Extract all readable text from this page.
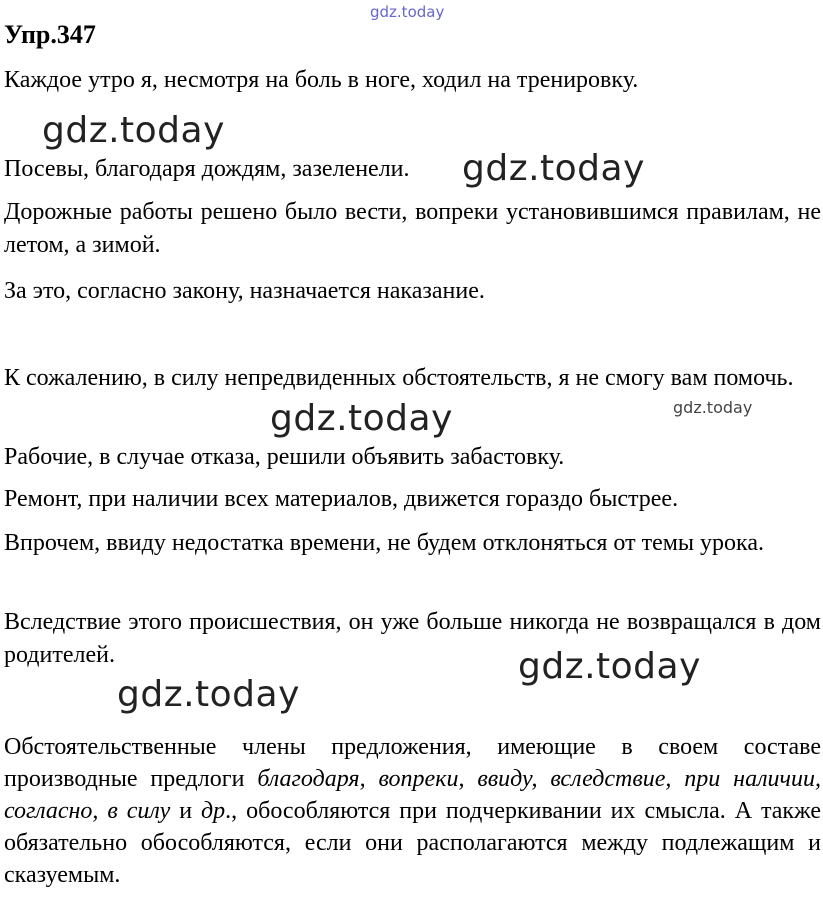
gdz.today
Упр.347

Каждое утро я, несмотря на боль в ноге, ходил на тренировку.

gdz.today

Посевы, благодаря дождям, зазеленели.	gdz.today

Дорожные работы решено было вести, вопреки установившимся правилам, не летом, а зимой.

За это, согласно закону, назначается наказание.

К сожалению, в силу непредвиденных обстоятельств, я не смогу вам помочь.

gdz.today	gdz.today

Рабочие, в случае отказа, решили объявить забастовку.

Ремонт, при наличии всех материалов, движется гораздо быстрее.

Впрочем, ввиду недостатка времени, не будем отклоняться от темы урока.

Вследствие этого происшествия, он уже больше никогда не возвращался в дом родителей.	gdz.today
gdz.today

Обстоятельственные члены предложения, имеющие в своем составе производные предлоги благодаря, вопреки, ввиду, вследствие, при наличии, согласно, в силу и др., обособляются при подчеркивании их смысла. А также обязательно обособляются, если они располагаются между подлежащим и сказуемым.
